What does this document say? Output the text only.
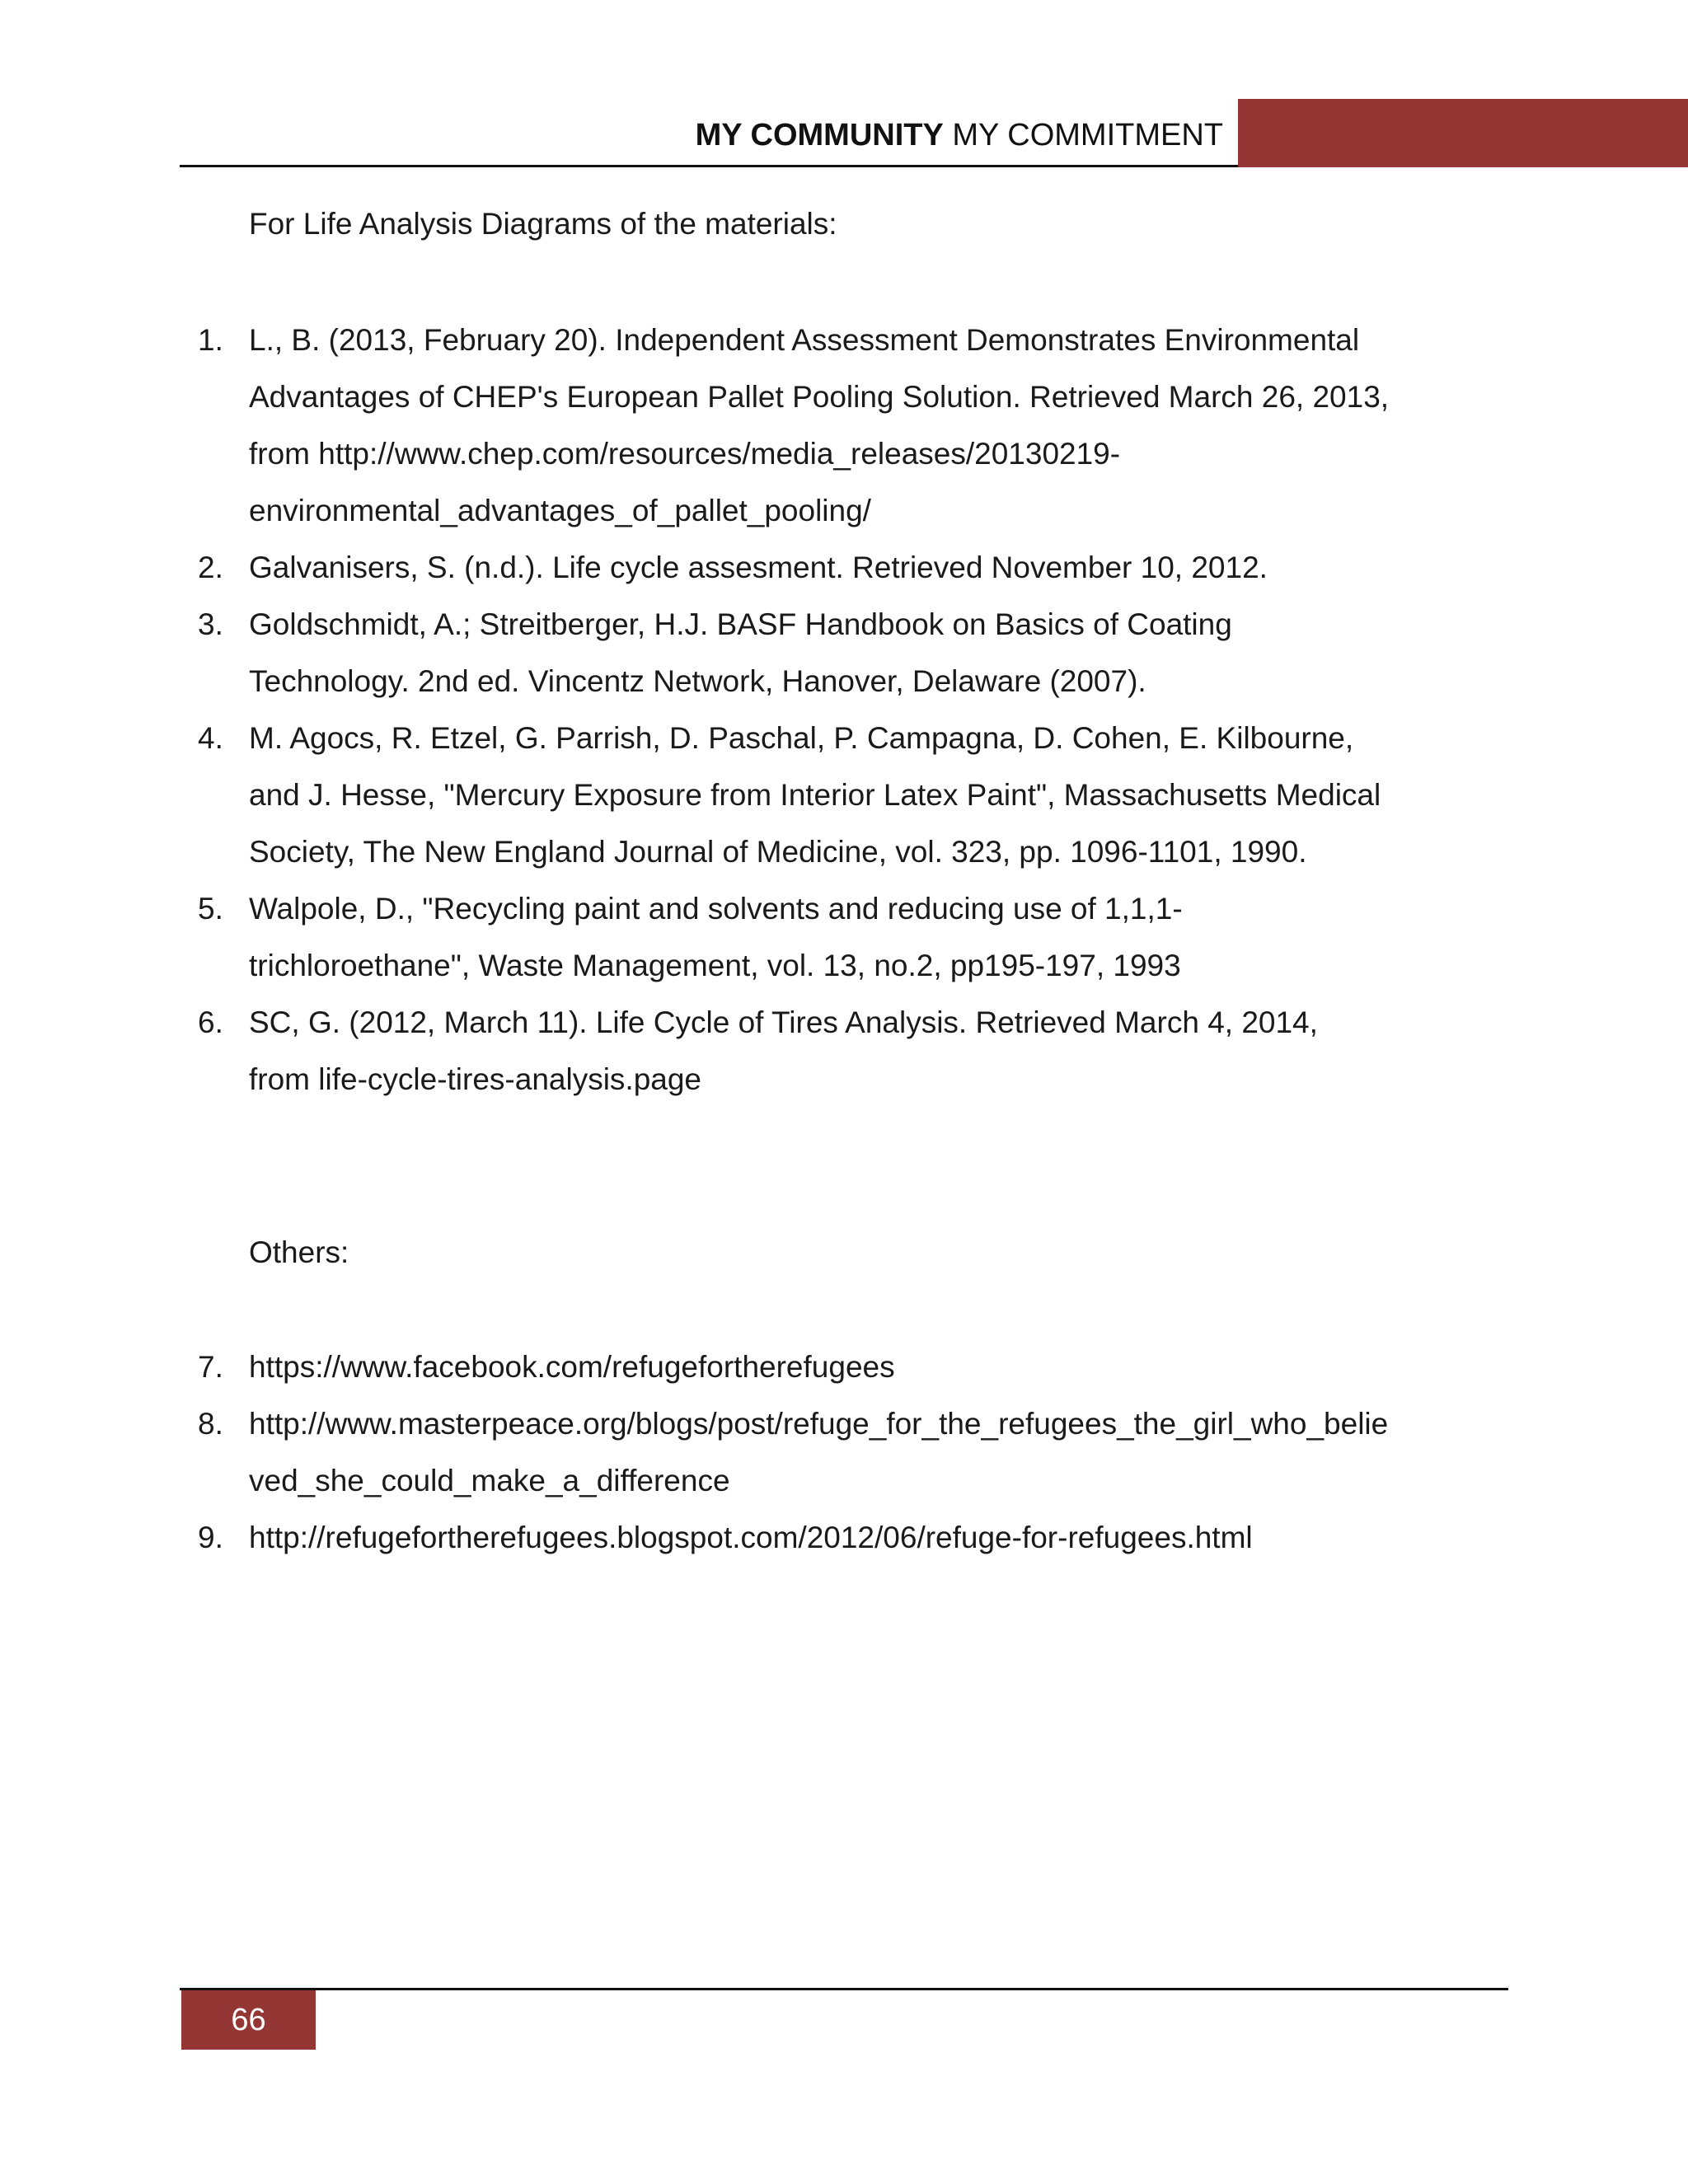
MY COMMUNITY MY COMMITMENT
For Life Analysis Diagrams of the materials:
1. L., B. (2013, February 20). Independent Assessment Demonstrates Environmental
Advantages of CHEP's European Pallet Pooling Solution. Retrieved March 26, 2013,
from http://www.chep.com/resources/media_releases/20130219-
environmental_advantages_of_pallet_pooling/
2. Galvanisers, S. (n.d.). Life cycle assesment. Retrieved November 10, 2012.
3. Goldschmidt, A.; Streitberger, H.J. BASF Handbook on Basics of Coating
Technology. 2nd ed. Vincentz Network, Hanover, Delaware (2007).
4. M. Agocs, R. Etzel, G. Parrish, D. Paschal, P. Campagna, D. Cohen, E. Kilbourne,
and J. Hesse, "Mercury Exposure from Interior Latex Paint", Massachusetts Medical
Society, The New England Journal of Medicine, vol. 323, pp. 1096-1101, 1990.
5. Walpole, D., "Recycling paint and solvents and reducing use of 1,1,1-
trichloroethane", Waste Management, vol. 13, no.2, pp195-197, 1993
6. SC, G. (2012, March 11). Life Cycle of Tires Analysis. Retrieved March 4, 2014,
from life-cycle-tires-analysis.page
Others:
7. https://www.facebook.com/refugefortherefugees
8. http://www.masterpeace.org/blogs/post/refuge_for_the_refugees_the_girl_who_belie
ved_she_could_make_a_difference
9. http://refugefortherefugees.blogspot.com/2012/06/refuge-for-refugees.html
66
